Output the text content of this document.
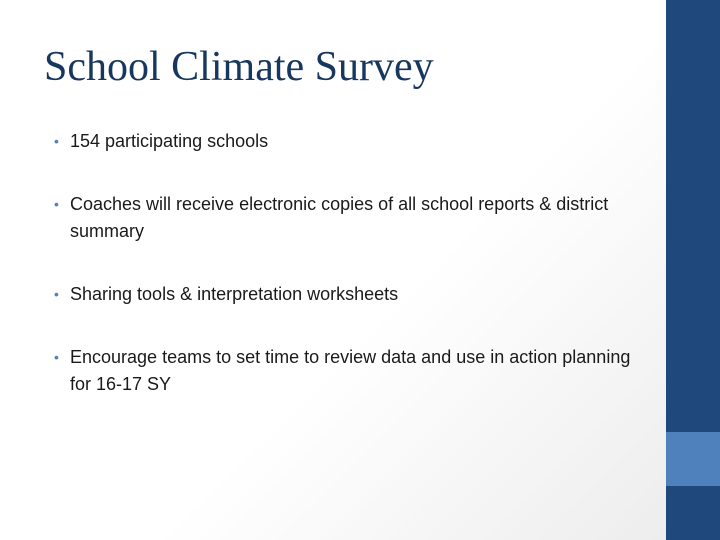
School Climate Survey
• 154 participating schools
• Coaches will receive electronic copies of all school reports & district summary
• Sharing tools & interpretation worksheets
• Encourage teams to set time to review data and use in action planning for 16-17 SY
